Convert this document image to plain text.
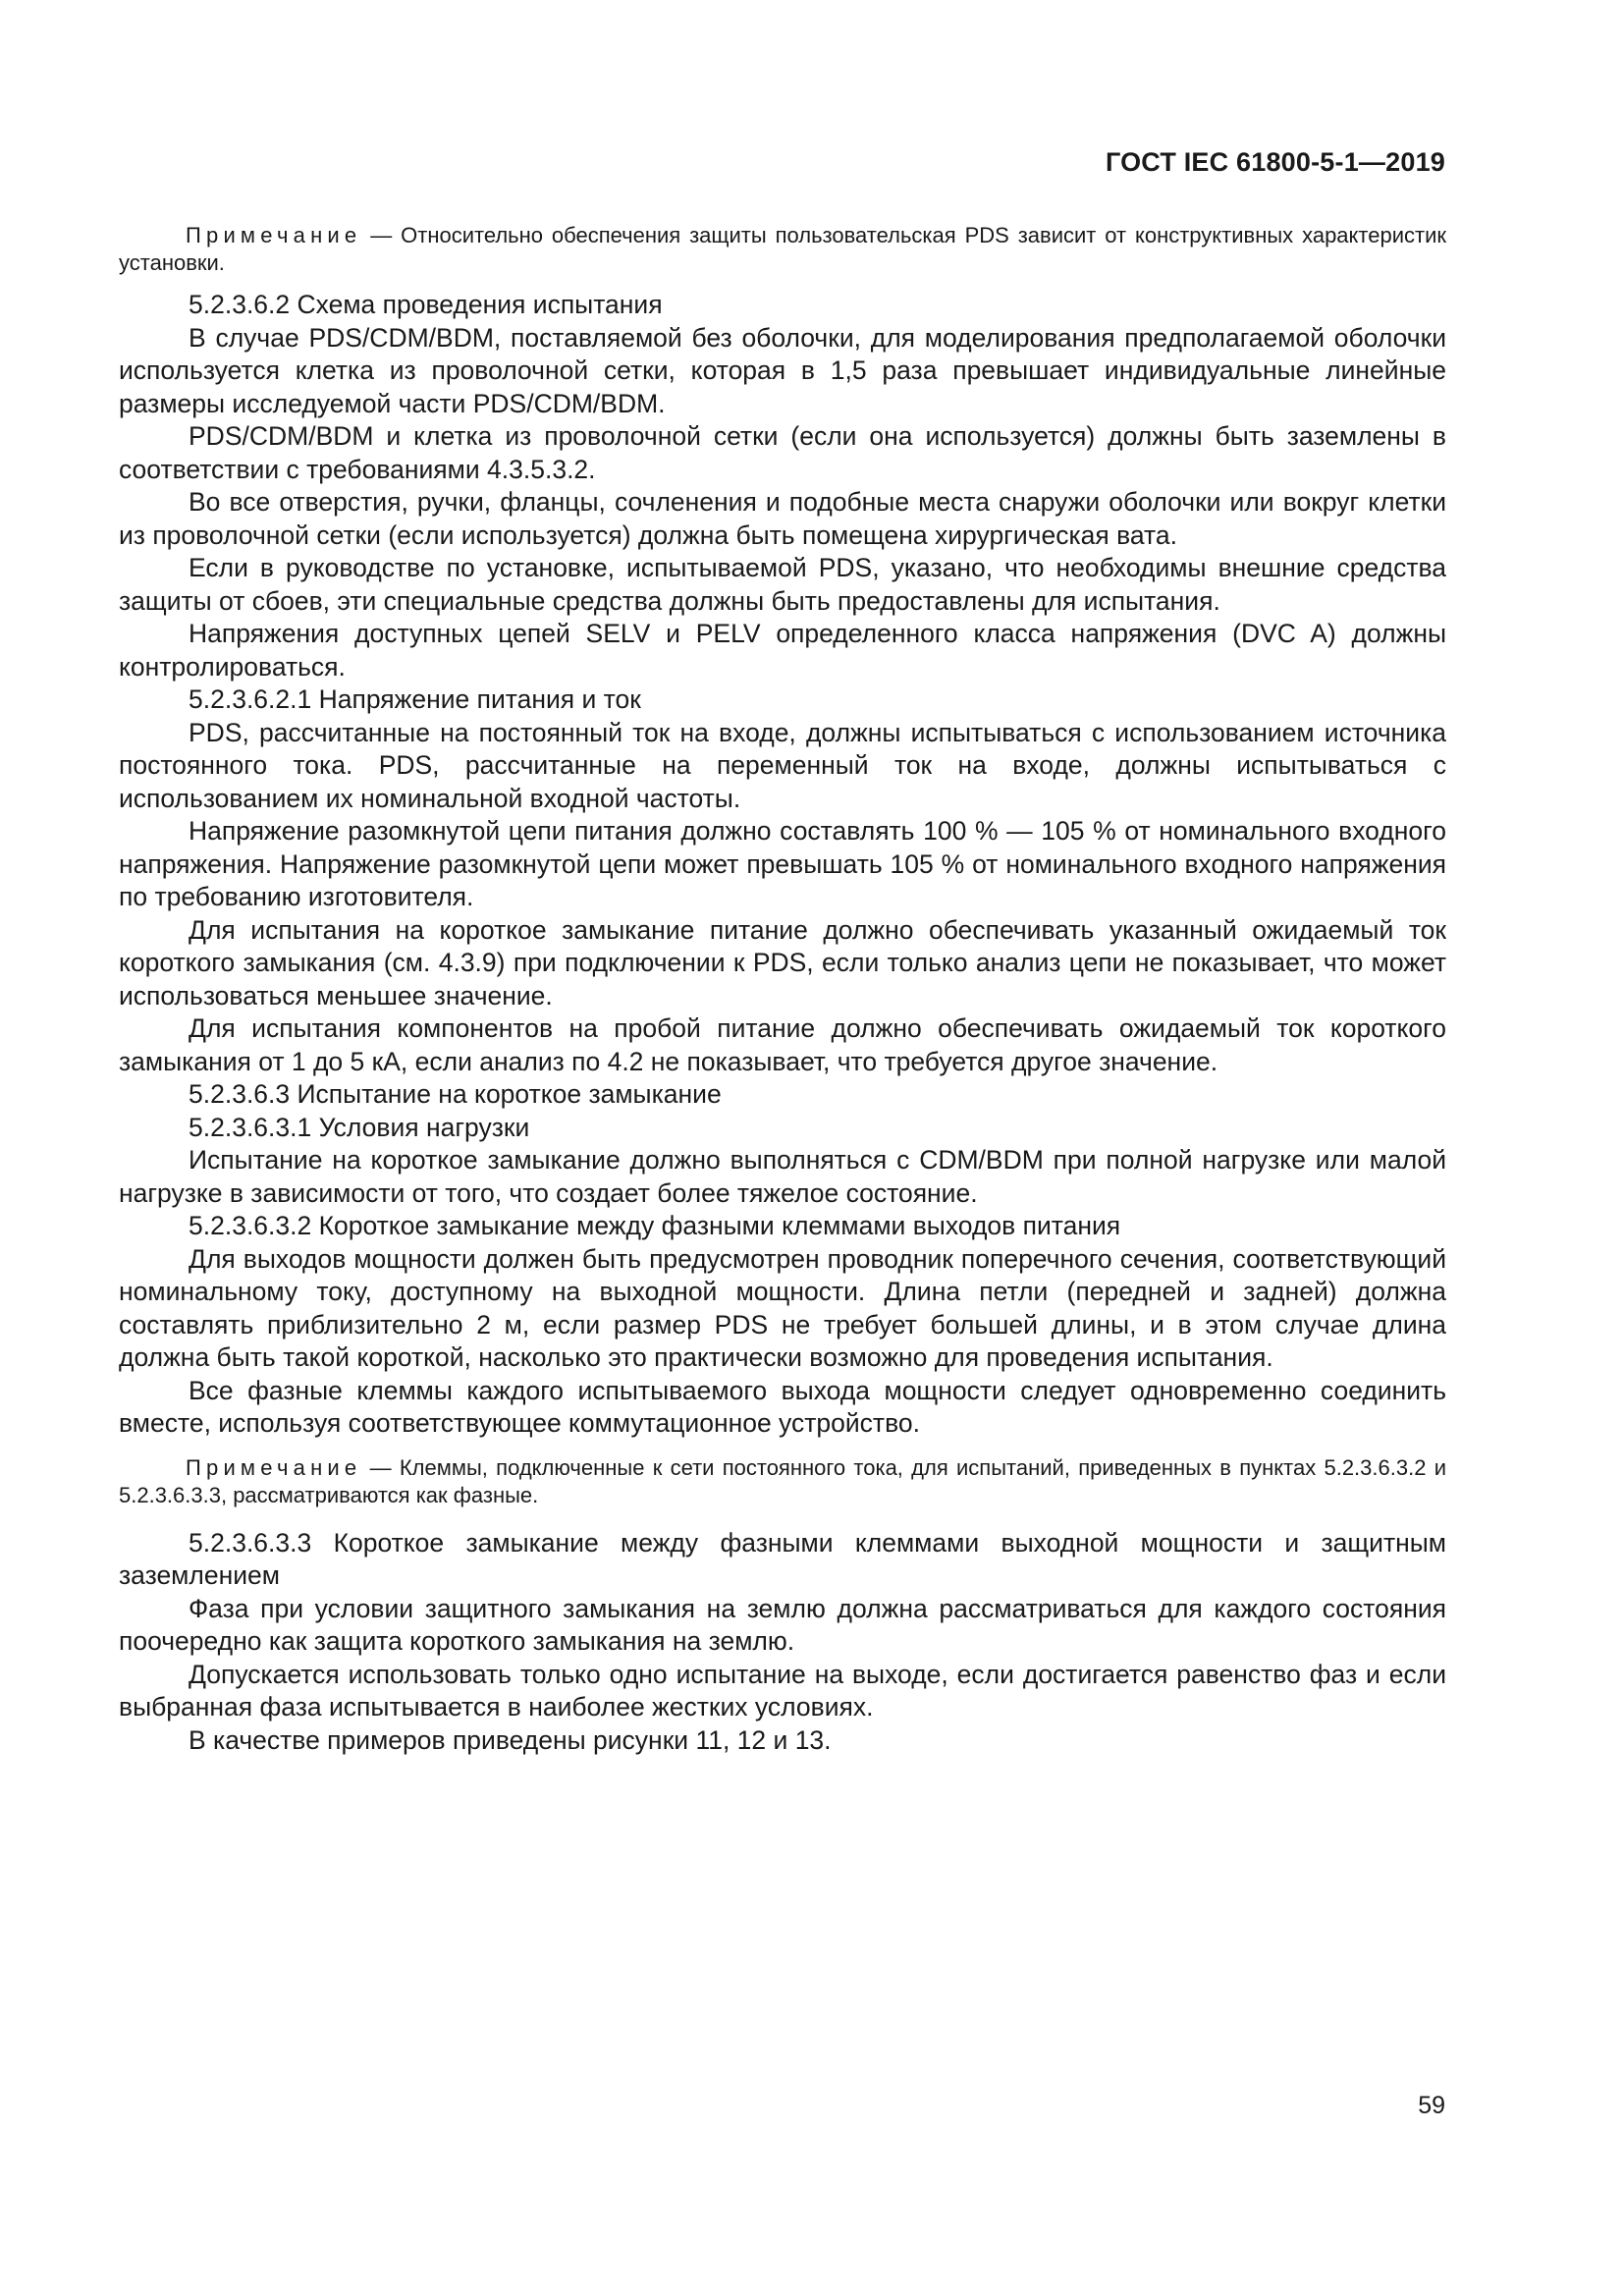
ГОСТ IEC 61800-5-1—2019

Примечание — Относительно обеспечения защиты пользовательская PDS зависит от конструктивных характеристик установки.

5.2.3.6.2 Схема проведения испытания

В случае PDS/CDM/BDM, поставляемой без оболочки, для моделирования предполагаемой оболочки используется клетка из проволочной сетки, которая в 1,5 раза превышает индивидуальные линейные размеры исследуемой части PDS/CDM/BDM.

PDS/CDM/BDM и клетка из проволочной сетки (если она используется) должны быть заземлены в соответствии с требованиями 4.3.5.3.2.

Во все отверстия, ручки, фланцы, сочленения и подобные места снаружи оболочки или вокруг клетки из проволочной сетки (если используется) должна быть помещена хирургическая вата.

Если в руководстве по установке, испытываемой PDS, указано, что необходимы внешние средства защиты от сбоев, эти специальные средства должны быть предоставлены для испытания.

Напряжения доступных цепей SELV и PELV определенного класса напряжения (DVC A) должны контролироваться.

5.2.3.6.2.1 Напряжение питания и ток

PDS, рассчитанные на постоянный ток на входе, должны испытываться с использованием источника постоянного тока. PDS, рассчитанные на переменный ток на входе, должны испытываться с использованием их номинальной входной частоты.

Напряжение разомкнутой цепи питания должно составлять 100 % — 105 % от номинального входного напряжения. Напряжение разомкнутой цепи может превышать 105 % от номинального входного напряжения по требованию изготовителя.

Для испытания на короткое замыкание питание должно обеспечивать указанный ожидаемый ток короткого замыкания (см. 4.3.9) при подключении к PDS, если только анализ цепи не показывает, что может использоваться меньшее значение.

Для испытания компонентов на пробой питание должно обеспечивать ожидаемый ток короткого замыкания от 1 до 5 кА, если анализ по 4.2 не показывает, что требуется другое значение.

5.2.3.6.3 Испытание на короткое замыкание

5.2.3.6.3.1 Условия нагрузки

Испытание на короткое замыкание должно выполняться с CDM/BDM при полной нагрузке или малой нагрузке в зависимости от того, что создает более тяжелое состояние.

5.2.3.6.3.2 Короткое замыкание между фазными клеммами выходов питания

Для выходов мощности должен быть предусмотрен проводник поперечного сечения, соответствующий номинальному току, доступному на выходной мощности. Длина петли (передней и задней) должна составлять приблизительно 2 м, если размер PDS не требует большей длины, и в этом случае длина должна быть такой короткой, насколько это практически возможно для проведения испытания.

Все фазные клеммы каждого испытываемого выхода мощности следует одновременно соединить вместе, используя соответствующее коммутационное устройство.

Примечание — Клеммы, подключенные к сети постоянного тока, для испытаний, приведенных в пунктах 5.2.3.6.3.2 и 5.2.3.6.3.3, рассматриваются как фазные.

5.2.3.6.3.3 Короткое замыкание между фазными клеммами выходной мощности и защитным заземлением

Фаза при условии защитного замыкания на землю должна рассматриваться для каждого состояния поочередно как защита короткого замыкания на землю.

Допускается использовать только одно испытание на выходе, если достигается равенство фаз и если выбранная фаза испытывается в наиболее жестких условиях.

В качестве примеров приведены рисунки 11, 12 и 13.

59
